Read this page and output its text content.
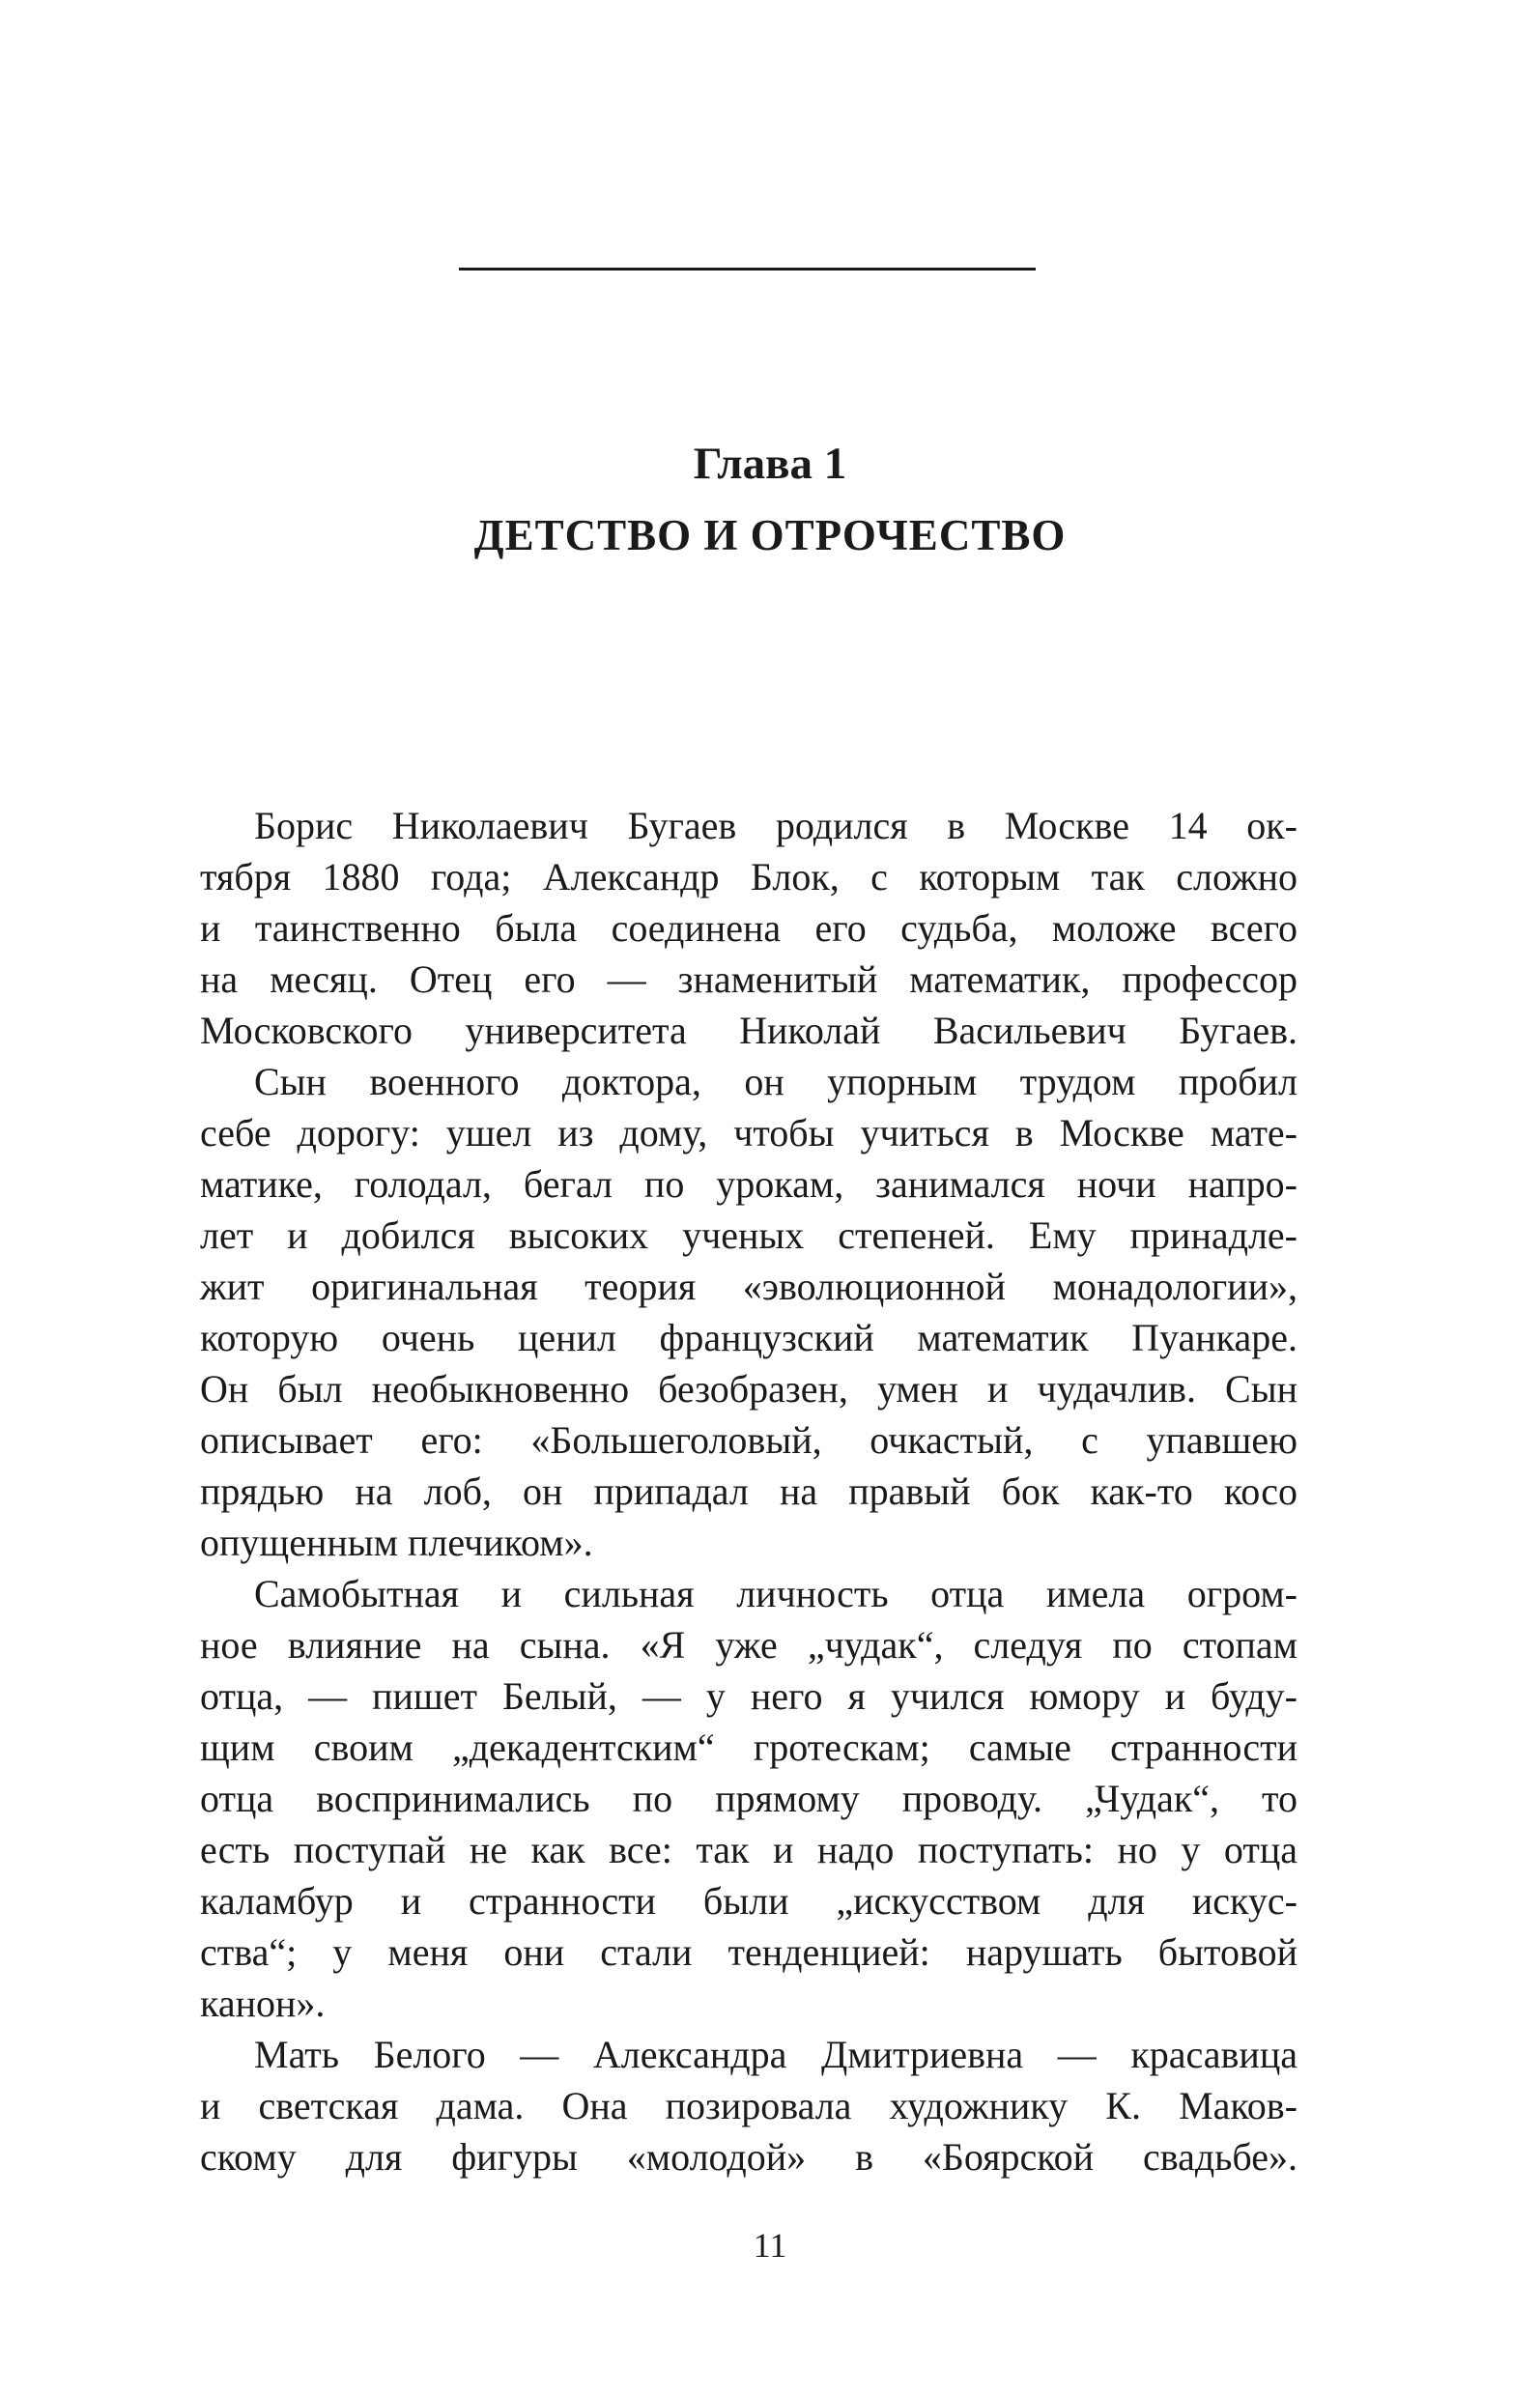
Глава 1
ДЕТСТВО И ОТРОЧЕСТВО

Борис Николаевич Бугаев родился в Москве 14 ок-
тября 1880 года; Александр Блок, с которым так сложно
и таинственно была соединена его судьба, моложе всего
на месяц. Отец его — знаменитый математик, профессор
Московского университета Николай Васильевич Бугаев.

Сын военного доктора, он упорным трудом пробил
себе дорогу: ушел из дому, чтобы учиться в Москве мате-
матике, голодал, бегал по урокам, занимался ночи напро-
лет и добился высоких ученых степеней. Ему принадле-
жит оригинальная теория «эволюционной монадологии»,
которую очень ценил французский математик Пуанкаре.
Он был необыкновенно безобразен, умен и чудачлив. Сын
описывает его: «Большеголовый, очкастый, с упавшею
прядью на лоб, он припадал на правый бок как-то косо
опущенным плечиком».

Самобытная и сильная личность отца имела огром-
ное влияние на сына. «Я уже „чудак“, следуя по стопам
отца, — пишет Белый, — у него я учился юмору и буду-
щим своим „декадентским“ гротескам; самые странности
отца воспринимались по прямому проводу. „Чудак“, то
есть поступай не как все: так и надо поступать: но у отца
каламбур и странности были „искусством для искус-
ства“; у меня они стали тенденцией: нарушать бытовой
канон».

Мать Белого — Александра Дмитриевна — красавица
и светская дама. Она позировала художнику К. Маков-
скому для фигуры «молодой» в «Боярской свадьбе».

11
